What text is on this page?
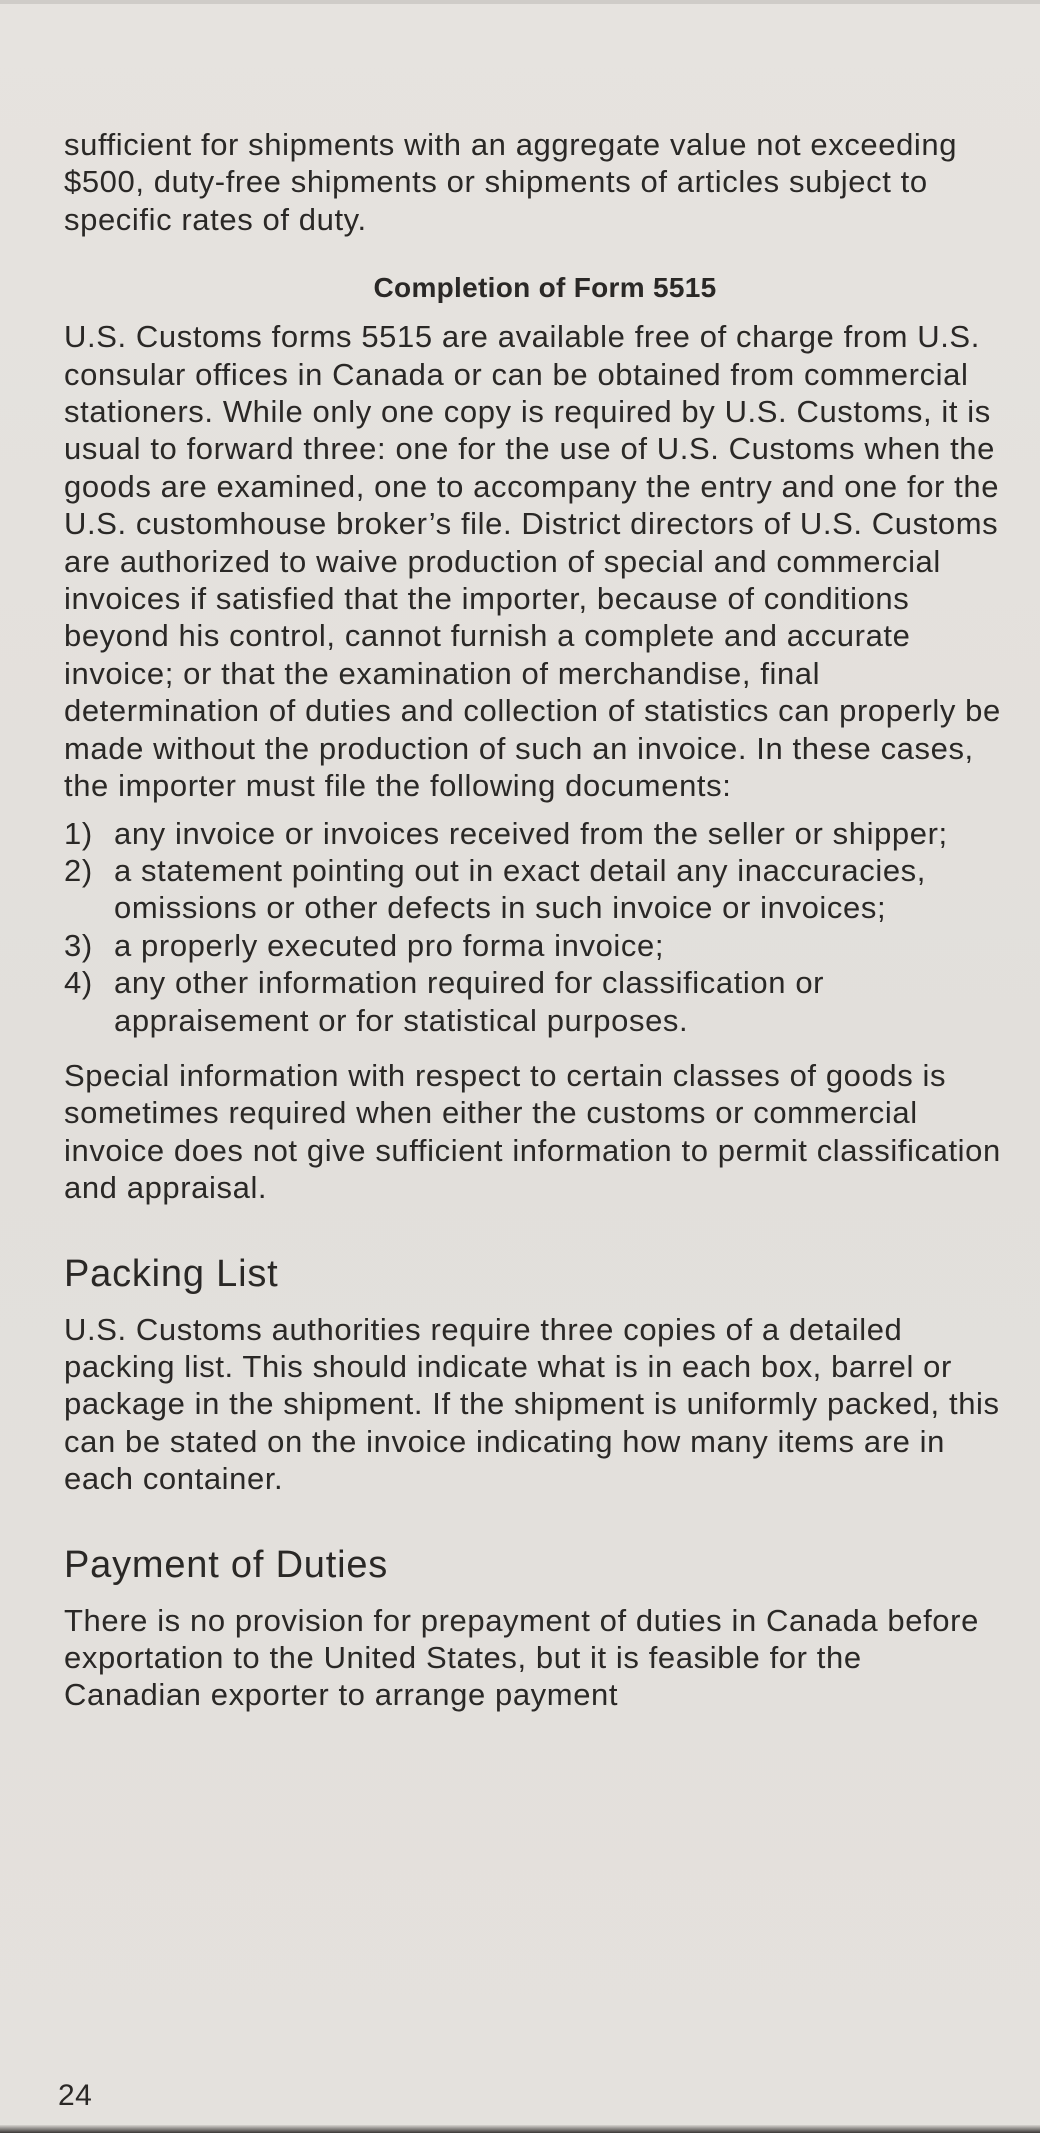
sufficient for shipments with an aggregate value not exceeding $500, duty-free shipments or shipments of articles subject to specific rates of duty.

Completion of Form 5515

U.S. Customs forms 5515 are available free of charge from U.S. consular offices in Canada or can be obtained from commercial stationers. While only one copy is required by U.S. Customs, it is usual to forward three: one for the use of U.S. Customs when the goods are examined, one to accompany the entry and one for the U.S. customhouse broker’s file. District directors of U.S. Customs are authorized to waive production of special and commercial invoices if satisfied that the importer, because of conditions beyond his control, cannot furnish a complete and accurate invoice; or that the examination of merchandise, final determination of duties and collection of statistics can properly be made without the production of such an invoice. In these cases, the importer must file the following documents:

1) any invoice or invoices received from the seller or shipper;
2) a statement pointing out in exact detail any inaccuracies, omissions or other defects in such invoice or invoices;
3) a properly executed pro forma invoice;
4) any other information required for classification or appraisement or for statistical purposes.

Special information with respect to certain classes of goods is sometimes required when either the customs or commercial invoice does not give sufficient information to permit classification and appraisal.

Packing List

U.S. Customs authorities require three copies of a detailed packing list. This should indicate what is in each box, barrel or package in the shipment. If the shipment is uniformly packed, this can be stated on the invoice indicating how many items are in each container.

Payment of Duties

There is no provision for prepayment of duties in Canada before exportation to the United States, but it is feasible for the Canadian exporter to arrange payment

24
